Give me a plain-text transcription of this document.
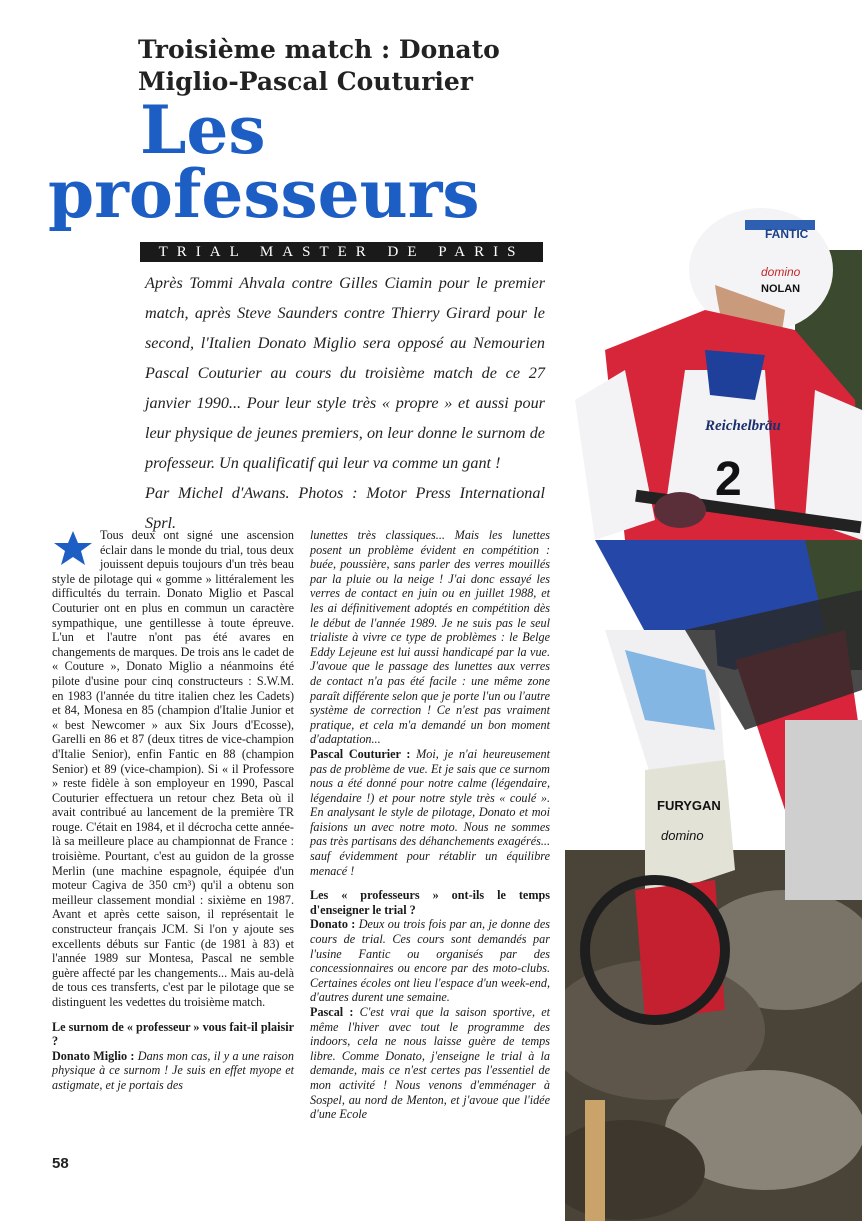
Troisième match : Donato Miglio-Pascal Couturier
Les
professeurs
TRIAL MASTER DE PARIS

Après Tommi Ahvala contre Gilles Ciamin pour le premier match, après Steve Saunders contre Thierry Girard pour le second, l'Italien Donato Miglio sera opposé au Nemourien Pascal Couturier au cours du troisième match de ce 27 janvier 1990... Pour leur style très « propre » et aussi pour leur physique de jeunes premiers, on leur donne le surnom de professeur. Un qualificatif qui leur va comme un gant !

Par Michel d'Awans. Photos : Motor Press International Sprl.

FANTIC
domino
NOLAN
Reichelbräu
2
FURYGAN
domino

Tous deux ont signé une ascension éclair dans le monde du trial, tous deux jouissent depuis toujours d'un très beau style de pilotage qui « gomme » littéralement les difficultés du terrain. Donato Miglio et Pascal Couturier ont en plus en commun un caractère sympathique, une gentillesse à toute épreuve. L'un et l'autre n'ont pas été avares en changements de marques. De trois ans le cadet de « Couture », Donato Miglio a néanmoins été pilote d'usine pour cinq constructeurs : S.W.M. en 1983 (l'année du titre italien chez les Cadets) et 84, Monesa en 85 (champion d'Italie Junior et « best Newcomer » aux Six Jours d'Ecosse), Garelli en 86 et 87 (deux titres de vice-champion d'Italie Senior), enfin Fantic en 88 (champion Senior) et 89 (vice-champion). Si « il Professore » reste fidèle à son employeur en 1990, Pascal Couturier effectuera un retour chez Beta où il avait contribué au lancement de la première TR rouge. C'était en 1984, et il décrocha cette année-là sa meilleure place au championnat de France : troisième. Pourtant, c'est au guidon de la grosse Merlin (une machine espagnole, équipée d'un moteur Cagiva de 350 cm³) qu'il a obtenu son meilleur classement mondial : sixième en 1987. Avant et après cette saison, il représentait le constructeur français JCM. Si l'on y ajoute ses excellents débuts sur Fantic (de 1981 à 83) et l'année 1989 sur Montesa, Pascal ne semble guère affecté par les changements... Mais au-delà de tous ces transferts, c'est par le pilotage que se distinguent les vedettes du troisième match.

Le surnom de « professeur » vous fait-il plaisir ?

Donato Miglio : Dans mon cas, il y a une raison physique à ce surnom ! Je suis en effet myope et astigmate, et je portais des

lunettes très classiques... Mais les lunettes posent un problème évident en compétition : buée, poussière, sans parler des verres mouillés par la pluie ou la neige ! J'ai donc essayé les verres de contact en juin ou en juillet 1988, et les ai définitivement adoptés en compétition dès le début de l'année 1989. Je ne suis pas le seul trialiste à vivre ce type de problèmes : le Belge Eddy Lejeune est lui aussi handicapé par la vue. J'avoue que le passage des lunettes aux verres de contact n'a pas été facile : une même zone paraît différente selon que je porte l'un ou l'autre système de correction ! Ce n'est pas vraiment pratique, et cela m'a demandé un bon moment d'adaptation...

Pascal Couturier : Moi, je n'ai heureusement pas de problème de vue. Et je sais que ce surnom nous a été donné pour notre calme (légendaire, légendaire !) et pour notre style très « coulé ». En analysant le style de pilotage, Donato et moi faisions un avec notre moto. Nous ne sommes pas très partisans des déhanchements exagérés... sauf évidemment pour rétablir un équilibre menacé !

Les « professeurs » ont-ils le temps d'enseigner le trial ?

Donato : Deux ou trois fois par an, je donne des cours de trial. Ces cours sont demandés par l'usine Fantic ou organisés par des concessionnaires ou encore par des moto-clubs. Certaines écoles ont lieu l'espace d'un week-end, d'autres durent une semaine.

Pascal : C'est vrai que la saison sportive, et même l'hiver avec tout le programme des indoors, cela ne nous laisse guère de temps libre. Comme Donato, j'enseigne le trial à la demande, mais ce n'est certes pas l'essentiel de mon activité ! Nous venons d'emménager à Sospel, au nord de Menton, et j'avoue que l'idée d'une Ecole

58
